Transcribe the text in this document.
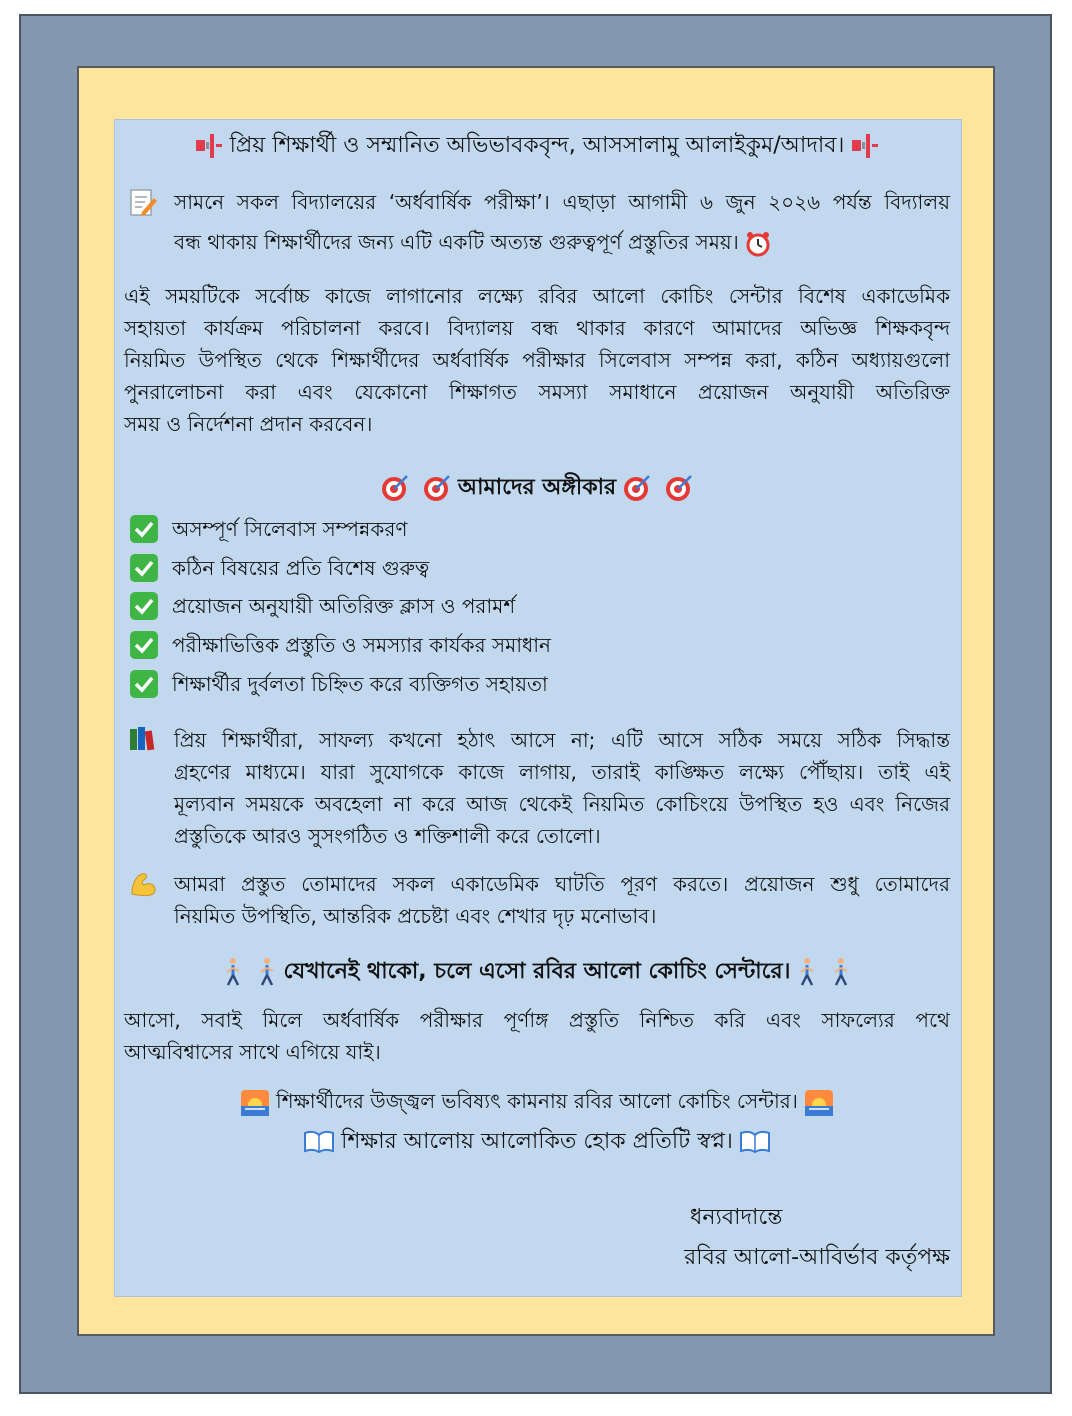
প্রিয় শিক্ষার্থী ও সম্মানিত অভিভাবকবৃন্দ, আসসালামু আলাইকুম/আদাব।
সামনে সকল বিদ্যালয়ের ‘অর্ধবার্ষিক পরীক্ষা’। এছাড়া আগামী ৬ জুন ২০২৬ পর্যন্ত বিদ্যালয়
বন্ধ থাকায় শিক্ষার্থীদের জন্য এটি একটি অত্যন্ত গুরুত্বপূর্ণ প্রস্তুতির সময়।
এই সময়টিকে সর্বোচ্চ কাজে লাগানোর লক্ষ্যে রবির আলো কোচিং সেন্টার বিশেষ একাডেমিক
সহায়তা কার্যক্রম পরিচালনা করবে। বিদ্যালয় বন্ধ থাকার কারণে আমাদের অভিজ্ঞ শিক্ষকবৃন্দ
নিয়মিত উপস্থিত থেকে শিক্ষার্থীদের অর্ধবার্ষিক পরীক্ষার সিলেবাস সম্পন্ন করা, কঠিন অধ্যায়গুলো
পুনরালোচনা করা এবং যেকোনো শিক্ষাগত সমস্যা সমাধানে প্রয়োজন অনুযায়ী অতিরিক্ত
সময় ও নির্দেশনা প্রদান করবেন।
আমাদের অঙ্গীকার
অসম্পূর্ণ সিলেবাস সম্পন্নকরণ
কঠিন বিষয়ের প্রতি বিশেষ গুরুত্ব
প্রয়োজন অনুযায়ী অতিরিক্ত ক্লাস ও পরামর্শ
পরীক্ষাভিত্তিক প্রস্তুতি ও সমস্যার কার্যকর সমাধান
শিক্ষার্থীর দুর্বলতা চিহ্নিত করে ব্যক্তিগত সহায়তা
প্রিয় শিক্ষার্থীরা, সাফল্য কখনো হঠাৎ আসে না; এটি আসে সঠিক সময়ে সঠিক সিদ্ধান্ত
গ্রহণের মাধ্যমে। যারা সুযোগকে কাজে লাগায়, তারাই কাঙ্ক্ষিত লক্ষ্যে পৌঁছায়। তাই এই
মূল্যবান সময়কে অবহেলা না করে আজ থেকেই নিয়মিত কোচিংয়ে উপস্থিত হও এবং নিজের
প্রস্তুতিকে আরও সুসংগঠিত ও শক্তিশালী করে তোলো।
আমরা প্রস্তুত তোমাদের সকল একাডেমিক ঘাটতি পূরণ করতে। প্রয়োজন শুধু তোমাদের
নিয়মিত উপস্থিতি, আন্তরিক প্রচেষ্টা এবং শেখার দৃঢ় মনোভাব।
যেখানেই থাকো, চলে এসো রবির আলো কোচিং সেন্টারে।
আসো, সবাই মিলে অর্ধবার্ষিক পরীক্ষার পূর্ণাঙ্গ প্রস্তুতি নিশ্চিত করি এবং সাফল্যের পথে
আত্মবিশ্বাসের সাথে এগিয়ে যাই।
শিক্ষার্থীদের উজ্জ্বল ভবিষ্যৎ কামনায় রবির আলো কোচিং সেন্টার।
শিক্ষার আলোয় আলোকিত হোক প্রতিটি স্বপ্ন।
ধন্যবাদান্তে
রবির আলো-আবির্ভাব কর্তৃপক্ষ
